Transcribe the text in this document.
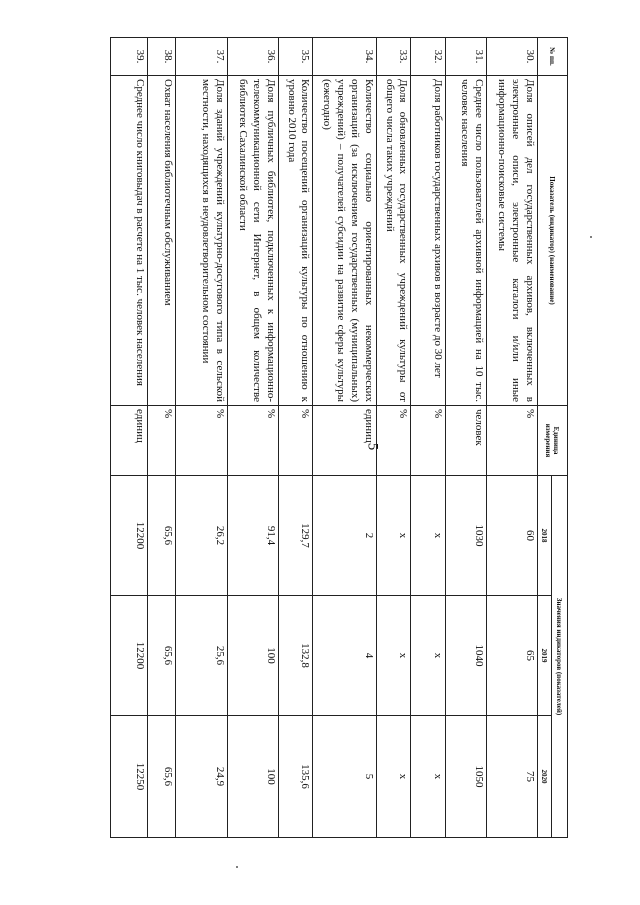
5
№ пп.	Показатель (индикатор) (наименование)	Единица измерения	Значения индикаторов (показателей)		
			2018	2019	2020
30.	Доля описей дел государственных архивов, включенных в электронные описи, электронные каталоги и/или иные информационно-поисковые системы	%	60	65	75
31.	Среднее число пользователей архивной информацией на 10 тыс. человек населения	человек	1030	1040	1050
32.	Доля работников государственных архивов в возрасте до 30 лет	%	х	х	х
33.	Доля обновленных государственных учреждений культуры от общего числа таких учреждений	%	х	х	х
34.	Количество социально ориентированных некоммерческих организаций (за исключением государственных (муниципальных) учреждений) – получателей субсидии на развитие сферы культуры (ежегодно)	единиц	2	4	5
35.	Количество посещений организаций культуры по отношению к уровню 2010 года	%	129,7	132,8	135,6
36.	Доля публичных библиотек, подключенных к информационно-телекоммуникационной сети Интернет, в общем количестве библиотек Сахалинской области	%	91,4	100	100
37.	Доля зданий учреждений культурно-досугового типа в сельской местности, находящихся в неудовлетворительном состоянии	%	26,2	25,6	24,9
38.	Охват населения библиотечным обслуживанием	%	65,6	65,6	65,6
39.	Среднее число книговыдач в расчете на 1 тыс. человек населения	единиц	12200	12200	12250
